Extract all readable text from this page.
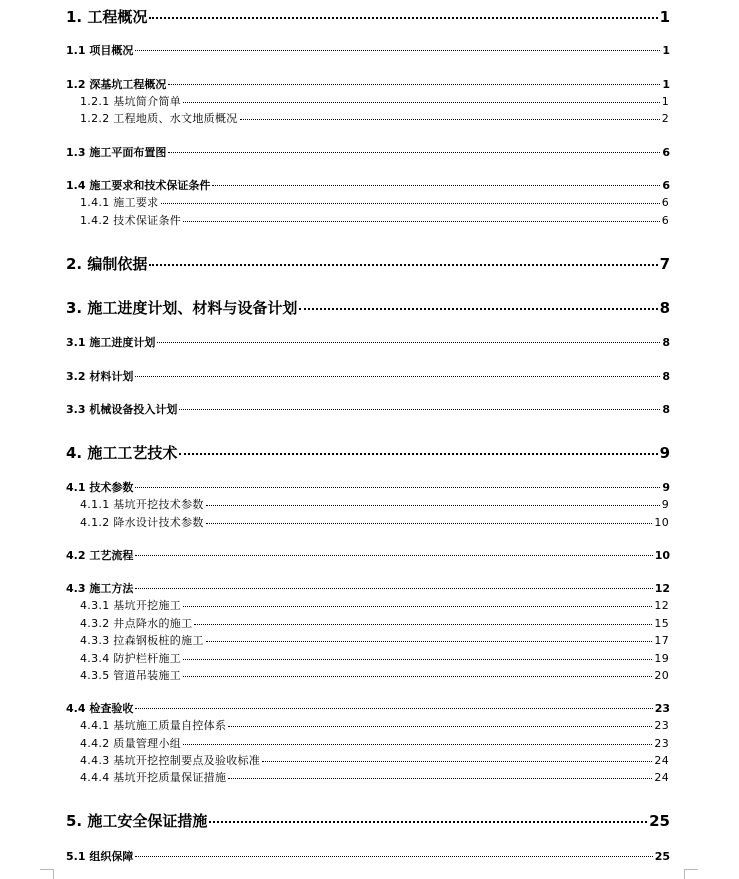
1. 工程概况	1
1.1 项目概况	1
1.2 深基坑工程概况	1
1.2.1 基坑简介简单	1
1.2.2 工程地质、水文地质概况	2
1.3 施工平面布置图	6
1.4 施工要求和技术保证条件	6
1.4.1 施工要求	6
1.4.2 技术保证条件	6
2. 编制依据	7
3. 施工进度计划、材料与设备计划	8
3.1 施工进度计划	8
3.2 材料计划	8
3.3 机械设备投入计划	8
4. 施工工艺技术	9
4.1 技术参数	9
4.1.1 基坑开挖技术参数	9
4.1.2 降水设计技术参数	10
4.2 工艺流程	10
4.3 施工方法	12
4.3.1 基坑开挖施工	12
4.3.2 井点降水的施工	15
4.3.3 拉森钢板桩的施工	17
4.3.4 防护栏杆施工	19
4.3.5 管道吊装施工	20
4.4 检查验收	23
4.4.1 基坑施工质量自控体系	23
4.4.2 质量管理小组	23
4.4.3 基坑开挖控制要点及验收标准	24
4.4.4 基坑开挖质量保证措施	24
5. 施工安全保证措施	25
5.1 组织保障	25
